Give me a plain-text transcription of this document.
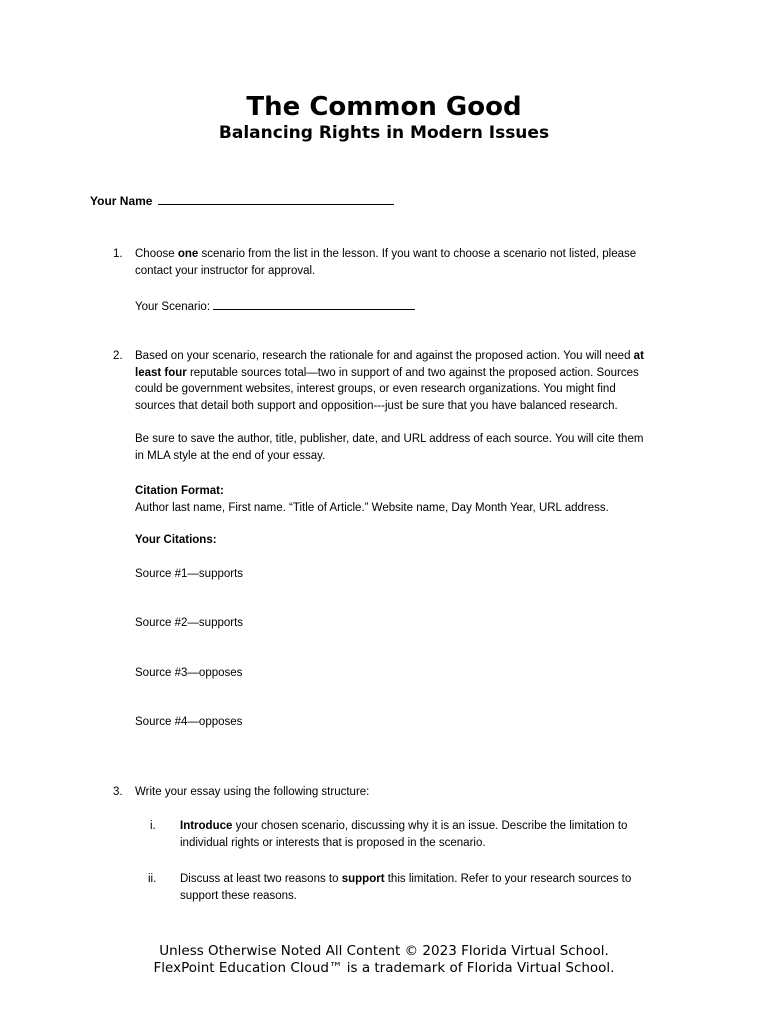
The Common Good
Balancing Rights in Modern Issues
Your Name
1. Choose one scenario from the list in the lesson. If you want to choose a scenario not listed, please
contact your instructor for approval.
Your Scenario:
2. Based on your scenario, research the rationale for and against the proposed action. You will need at
least four reputable sources total—two in support of and two against the proposed action. Sources
could be government websites, interest groups, or even research organizations. You might find
sources that detail both support and opposition---just be sure that you have balanced research.
Be sure to save the author, title, publisher, date, and URL address of each source. You will cite them
in MLA style at the end of your essay.
Citation Format:
Author last name, First name. “Title of Article.” Website name, Day Month Year, URL address.
Your Citations:
Source #1—supports
Source #2—supports
Source #3—opposes
Source #4—opposes
3. Write your essay using the following structure:
i. Introduce your chosen scenario, discussing why it is an issue. Describe the limitation to
individual rights or interests that is proposed in the scenario.
ii. Discuss at least two reasons to support this limitation. Refer to your research sources to
support these reasons.
Unless Otherwise Noted All Content © 2023 Florida Virtual School.
FlexPoint Education Cloud™ is a trademark of Florida Virtual School.
